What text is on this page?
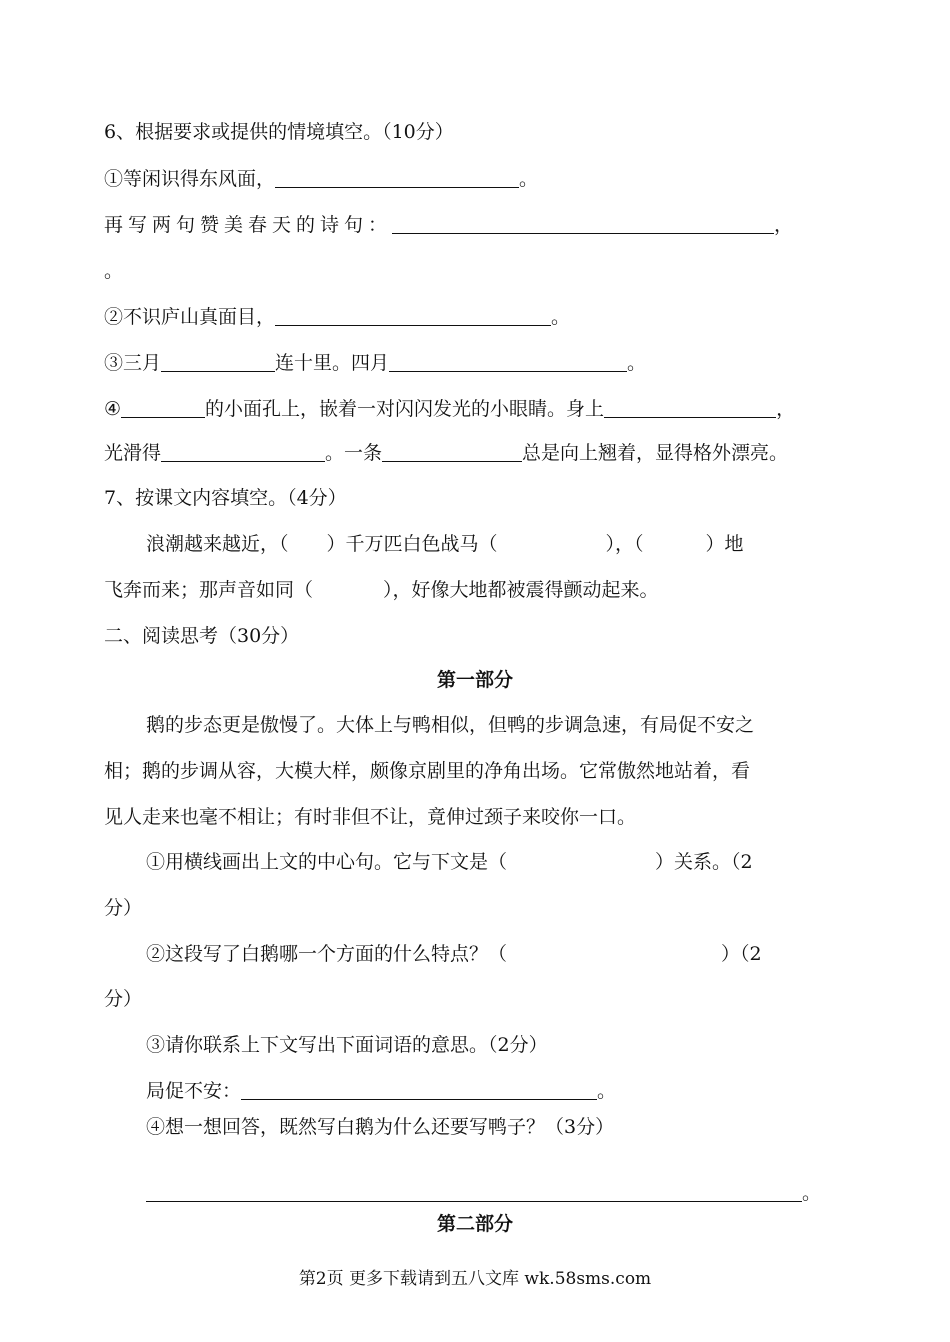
6、根据要求或提供的情境填空。（10分）
①等闲识得东风面，	。
再写两句赞美春天的诗句：	，
。
②不识庐山真面目，	。
③三月	连十里。四月	。
④	的小面孔上，嵌着一对闪闪发光的小眼睛。身上	，
光滑得	。一条	总是向上翘着，显得格外漂亮。
7、按课文内容填空。（4分）
浪潮越来越近，（ ）千万匹白色战马（	），（	）地
飞奔而来；那声音如同（	），好像大地都被震得颤动起来。
二、阅读思考（30分）
第一部分
鹅的步态更是傲慢了。大体上与鸭相似，但鸭的步调急速，有局促不安之
相；鹅的步调从容，大模大样，颇像京剧里的净角出场。它常傲然地站着，看
见人走来也毫不相让；有时非但不让，竟伸过颈子来咬你一口。
①用横线画出上文的中心句。它与下文是（	）关系。（2
分）
②这段写了白鹅哪一个方面的什么特点？（	）（2
分）
③请你联系上下文写出下面词语的意思。（2分）
局促不安：	。
④想一想回答，既然写白鹅为什么还要写鸭子？（3分）
。
第二部分
第2页 更多下载请到五八文库 wk.58sms.com
